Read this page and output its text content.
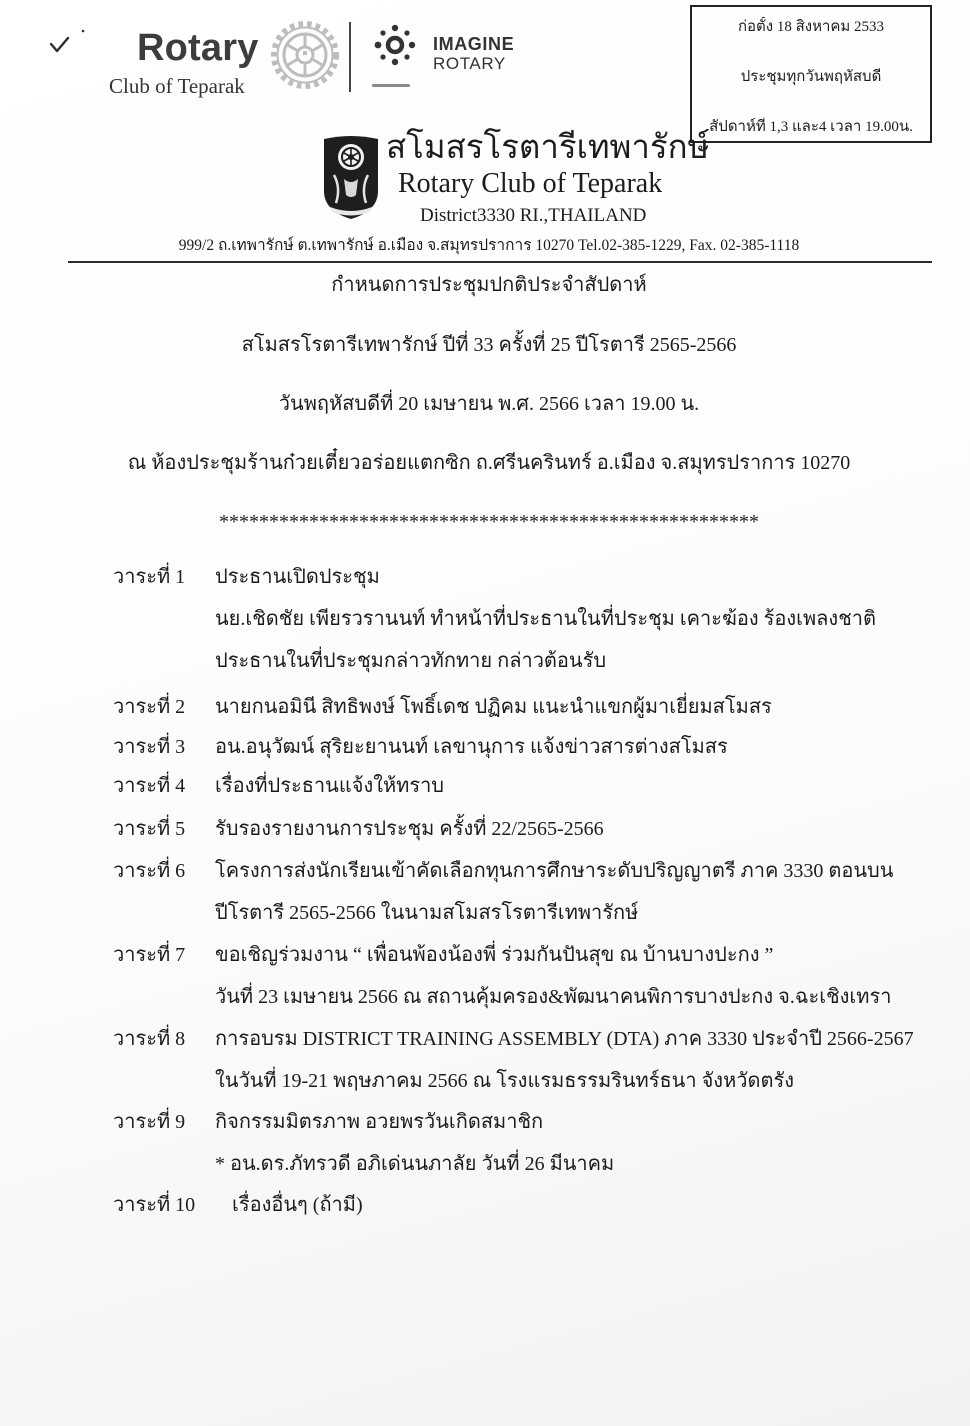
Rotary
Club of Teparak
IMAGINE
ROTARY
ก่อตั้ง 18 สิงหาคม 2533
ประชุมทุกวันพฤหัสบดี
สัปดาห์ที่ 1,3 และ4 เวลา 19.00น.
สโมสรโรตารีเทพารักษ์
Rotary Club of Teparak
District3330 RI.,THAILAND
999/2 ถ.เทพารักษ์ ต.เทพารักษ์ อ.เมือง จ.สมุทรปราการ 10270 Tel.02-385-1229, Fax. 02-385-1118
กำหนดการประชุมปกติประจำสัปดาห์
สโมสรโรตารีเทพารักษ์ ปีที่ 33 ครั้งที่ 25 ปีโรตารี 2565-2566
วันพฤหัสบดีที่ 20 เมษายน พ.ศ. 2566 เวลา 19.00 น.
ณ ห้องประชุมร้านก๋วยเตี๋ยวอร่อยแตกซิก ถ.ศรีนครินทร์ อ.เมือง จ.สมุทรปราการ 10270
******************************************************
วาระที่ 1	ประธานเปิดประชุม
นย.เชิดชัย เพียรวรานนท์ ทำหน้าที่ประธานในที่ประชุม เคาะฆ้อง ร้องเพลงชาติ
ประธานในที่ประชุมกล่าวทักทาย กล่าวต้อนรับ
วาระที่ 2	นายกนอมินี สิทธิพงษ์ โพธิ์เดช ปฏิคม แนะนำแขกผู้มาเยี่ยมสโมสร
วาระที่ 3	อน.อนุวัฒน์ สุริยะยานนท์ เลขานุการ แจ้งข่าวสารต่างสโมสร
วาระที่ 4	เรื่องที่ประธานแจ้งให้ทราบ
วาระที่ 5	รับรองรายงานการประชุม ครั้งที่ 22/2565-2566
วาระที่ 6	โครงการส่งนักเรียนเข้าคัดเลือกทุนการศึกษาระดับปริญญาตรี ภาค 3330 ตอนบน
ปีโรตารี 2565-2566 ในนามสโมสรโรตารีเทพารักษ์
วาระที่ 7	ขอเชิญร่วมงาน “ เพื่อนพ้องน้องพี่ ร่วมกันปันสุข ณ บ้านบางปะกง ”
วันที่ 23 เมษายน 2566 ณ สถานคุ้มครอง&พัฒนาคนพิการบางปะกง จ.ฉะเชิงเทรา
วาระที่ 8	การอบรม DISTRICT TRAINING ASSEMBLY (DTA) ภาค 3330 ประจำปี 2566-2567
ในวันที่ 19-21 พฤษภาคม 2566 ณ โรงแรมธรรมรินทร์ธนา จังหวัดตรัง
วาระที่ 9	กิจกรรมมิตรภาพ อวยพรวันเกิดสมาชิก
* อน.ดร.ภัทรวดี อภิเด่นนภาลัย วันที่ 26 มีนาคม
วาระที่ 10	เรื่องอื่นๆ (ถ้ามี)
